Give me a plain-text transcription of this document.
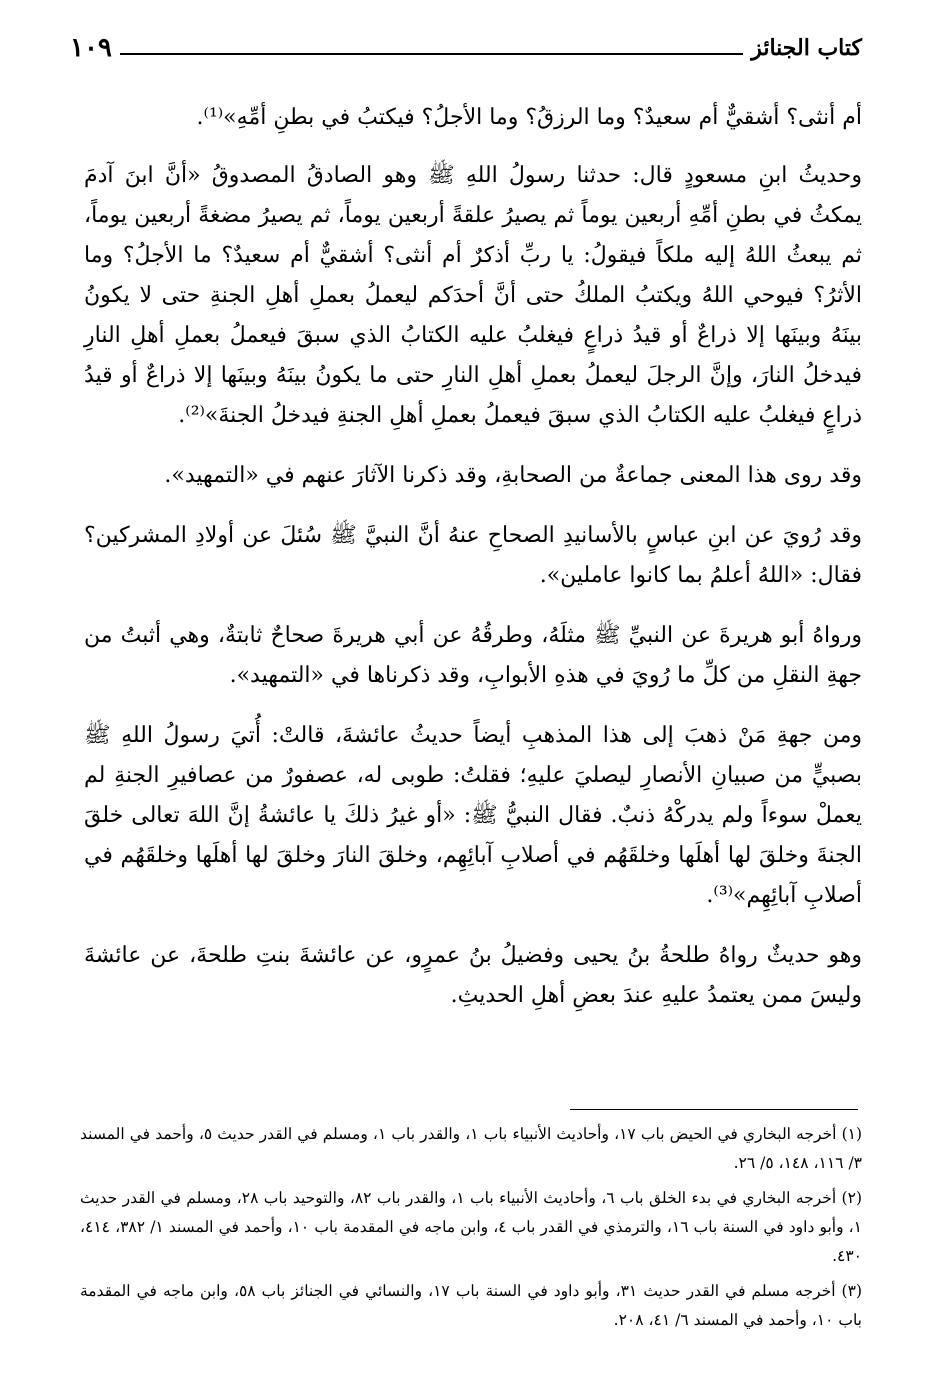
كتاب الجنائز
١٠٩

أم أنثى؟ أشقيٌّ أم سعيدٌ؟ وما الرزقُ؟ وما الأجلُ؟ فيكتبُ في بطنِ أمِّهِ»⁽¹⁾.

وحديثُ ابنِ مسعودٍ قال: حدثنا رسولُ اللهِ ﷺ وهو الصادقُ المصدوقُ «أنَّ ابنَ آدمَ يمكثُ في بطنِ أمِّهِ أربعين يوماً ثم يصيرُ علقةً أربعين يوماً، ثم يصيرُ مضغةً أربعين يوماً، ثم يبعثُ اللهُ إليه ملكاً فيقولُ: يا ربِّ أذكرٌ أم أنثى؟ أشقيٌّ أم سعيدٌ؟ ما الأجلُ؟ وما الأثرُ؟ فيوحي اللهُ ويكتبُ الملكُ حتى أنَّ أحدَكم ليعملُ بعملِ أهلِ الجنةِ حتى لا يكونُ بينَهُ وبينَها إلا ذراعٌ أو قيدُ ذراعٍ فيغلبُ عليه الكتابُ الذي سبقَ فيعملُ بعملِ أهلِ النارِ فيدخلُ النارَ، وإنَّ الرجلَ ليعملُ بعملِ أهلِ النارِ حتى ما يكونُ بينَهُ وبينَها إلا ذراعٌ أو قيدُ ذراعٍ فيغلبُ عليه الكتابُ الذي سبقَ فيعملُ بعملِ أهلِ الجنةِ فيدخلُ الجنةَ»⁽²⁾.

وقد روى هذا المعنى جماعةٌ من الصحابةِ، وقد ذكرنا الآثارَ عنهم في «التمهيد».

وقد رُويَ عن ابنِ عباسٍ بالأسانيدِ الصحاحِ عنهُ أنَّ النبيَّ ﷺ سُئلَ عن أولادِ المشركين؟ فقال: «اللهُ أعلمُ بما كانوا عاملين».

ورواهُ أبو هريرةَ عن النبيِّ ﷺ مثلَهُ، وطرقُهُ عن أبي هريرةَ صحاحٌ ثابتةٌ، وهي أثبتُ من جهةِ النقلِ من كلِّ ما رُويَ في هذهِ الأبوابِ، وقد ذكرناها في «التمهيد».

ومن جهةِ مَنْ ذهبَ إلى هذا المذهبِ أيضاً حديثُ عائشةَ، قالتْ: أُتيَ رسولُ اللهِ ﷺ بصبيٍّ من صبيانِ الأنصارِ ليصليَ عليهِ؛ فقلتُ: طوبى له، عصفورٌ من عصافيرِ الجنةِ لم يعملْ سوءاً ولم يدركْهُ ذنبٌ. فقال النبيُّ ﷺ: «أو غيرُ ذلكَ يا عائشةُ إنَّ اللهَ تعالى خلقَ الجنةَ وخلقَ لها أهلَها وخلقَهُم في أصلابِ آبائِهِم، وخلقَ النارَ وخلقَ لها أهلَها وخلقَهُم في أصلابِ آبائِهِم»⁽³⁾.

وهو حديثٌ رواهُ طلحةُ بنُ يحيى وفضيلُ بنُ عمرٍو، عن عائشةَ بنتِ طلحةَ، عن عائشةَ وليسَ ممن يعتمدُ عليهِ عندَ بعضِ أهلِ الحديثِ.

(١) أخرجه البخاري في الحيض باب ١٧، وأحاديث الأنبياء باب ١، والقدر باب ١، ومسلم في القدر حديث ٥، وأحمد في المسند ٣/ ١١٦، ١٤٨، ٥/ ٢٦.

(٢) أخرجه البخاري في بدء الخلق باب ٦، وأحاديث الأنبياء باب ١، والقدر باب ٨٢، والتوحيد باب ٢٨، ومسلم في القدر حديث ١، وأبو داود في السنة باب ١٦، والترمذي في القدر باب ٤، وابن ماجه في المقدمة باب ١٠، وأحمد في المسند ١/ ٣٨٢، ٤١٤، ٤٣٠.

(٣) أخرجه مسلم في القدر حديث ٣١، وأبو داود في السنة باب ١٧، والنسائي في الجنائز باب ٥٨، وابن ماجه في المقدمة باب ١٠، وأحمد في المسند ٦/ ٤١، ٢٠٨.
